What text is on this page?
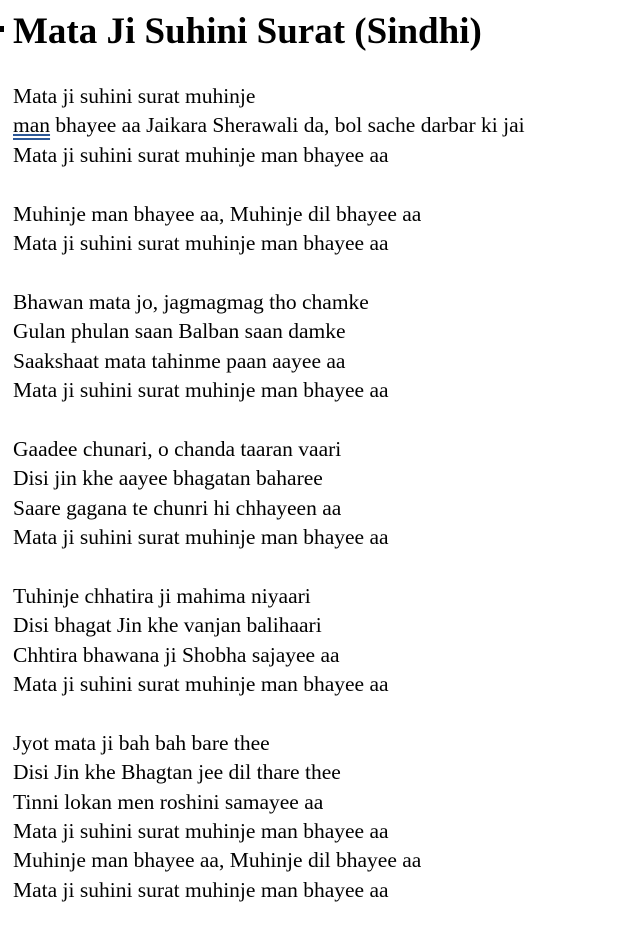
Mata Ji Suhini Surat (Sindhi)
Mata ji suhini surat muhinje
man bhayee aa Jaikara Sherawali da, bol sache darbar ki jai
Mata ji suhini surat muhinje man bhayee aa
Muhinje man bhayee aa, Muhinje dil bhayee aa
Mata ji suhini surat muhinje man bhayee aa
Bhawan mata jo, jagmagmag tho chamke
Gulan phulan saan Balban saan damke
Saakshaat mata tahinme paan aayee aa
Mata ji suhini surat muhinje man bhayee aa
Gaadee chunari, o chanda taaran vaari
Disi jin khe aayee bhagatan baharee
Saare gagana te chunri hi chhayeen aa
Mata ji suhini surat muhinje man bhayee aa
Tuhinje chhatira ji mahima niyaari
Disi bhagat Jin khe vanjan balihaari
Chhtira bhawana ji Shobha sajayee aa
Mata ji suhini surat muhinje man bhayee aa
Jyot mata ji bah bah bare thee
Disi Jin khe Bhagtan jee dil thare thee
Tinni lokan men roshini samayee aa
Mata ji suhini surat muhinje man bhayee aa
Muhinje man bhayee aa, Muhinje dil bhayee aa
Mata ji suhini surat muhinje man bhayee aa
